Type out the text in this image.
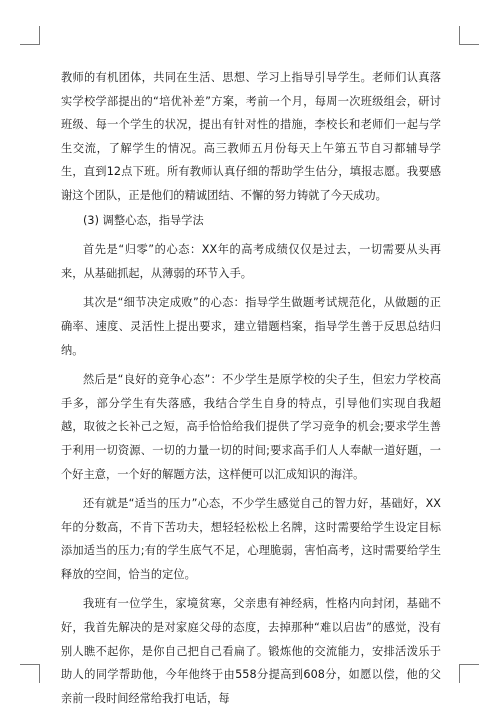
教师的有机团体，共同在生活、思想、学习上指导引导学生。老师们认真落实学校学部提出的“培优补差”方案，考前一个月，每周一次班级组会，研讨班级、每一个学生的状况，提出有针对性的措施，李校长和老师们一起与学生交流，了解学生的情况。高三教师五月份每天上午第五节自习都辅导学生，直到12点下班。所有教师认真仔细的帮助学生估分，填报志愿。我要感谢这个团队，正是他们的精诚团结、不懈的努力铸就了今天成功。

(3) 调整心态，指导学法

首先是“归零”的心态：XX年的高考成绩仅仅是过去，一切需要从头再来，从基础抓起，从薄弱的环节入手。

其次是“细节决定成败”的心态：指导学生做题考试规范化，从做题的正确率、速度、灵活性上提出要求，建立错题档案，指导学生善于反思总结归纳。

然后是“良好的竞争心态”：不少学生是原学校的尖子生，但宏力学校高手多，部分学生有失落感，我结合学生自身的特点，引导他们实现自我超越，取彼之长补己之短，高手恰恰给我们提供了学习竞争的机会;要求学生善于利用一切资源、一切的力量一切的时间;要求高手们人人奉献一道好题，一个好主意，一个好的解题方法，这样便可以汇成知识的海洋。

还有就是“适当的压力”心态，不少学生感觉自己的智力好，基础好，XX年的分数高，不肯下苦功夫，想轻轻松松上名牌，这时需要给学生设定目标添加适当的压力;有的学生底气不足，心理脆弱，害怕高考，这时需要给学生释放的空间，恰当的定位。

我班有一位学生，家境贫寒，父亲患有神经病，性格内向封闭，基础不好，我首先解决的是对家庭父母的态度，去掉那种“难以启齿”的感觉，没有别人瞧不起你，是你自己把自己看扁了。锻炼他的交流能力，安排活泼乐于助人的同学帮助他，今年他终于由558分提高到608分，如愿以偿，他的父亲前一段时间经常给我打电话，每
